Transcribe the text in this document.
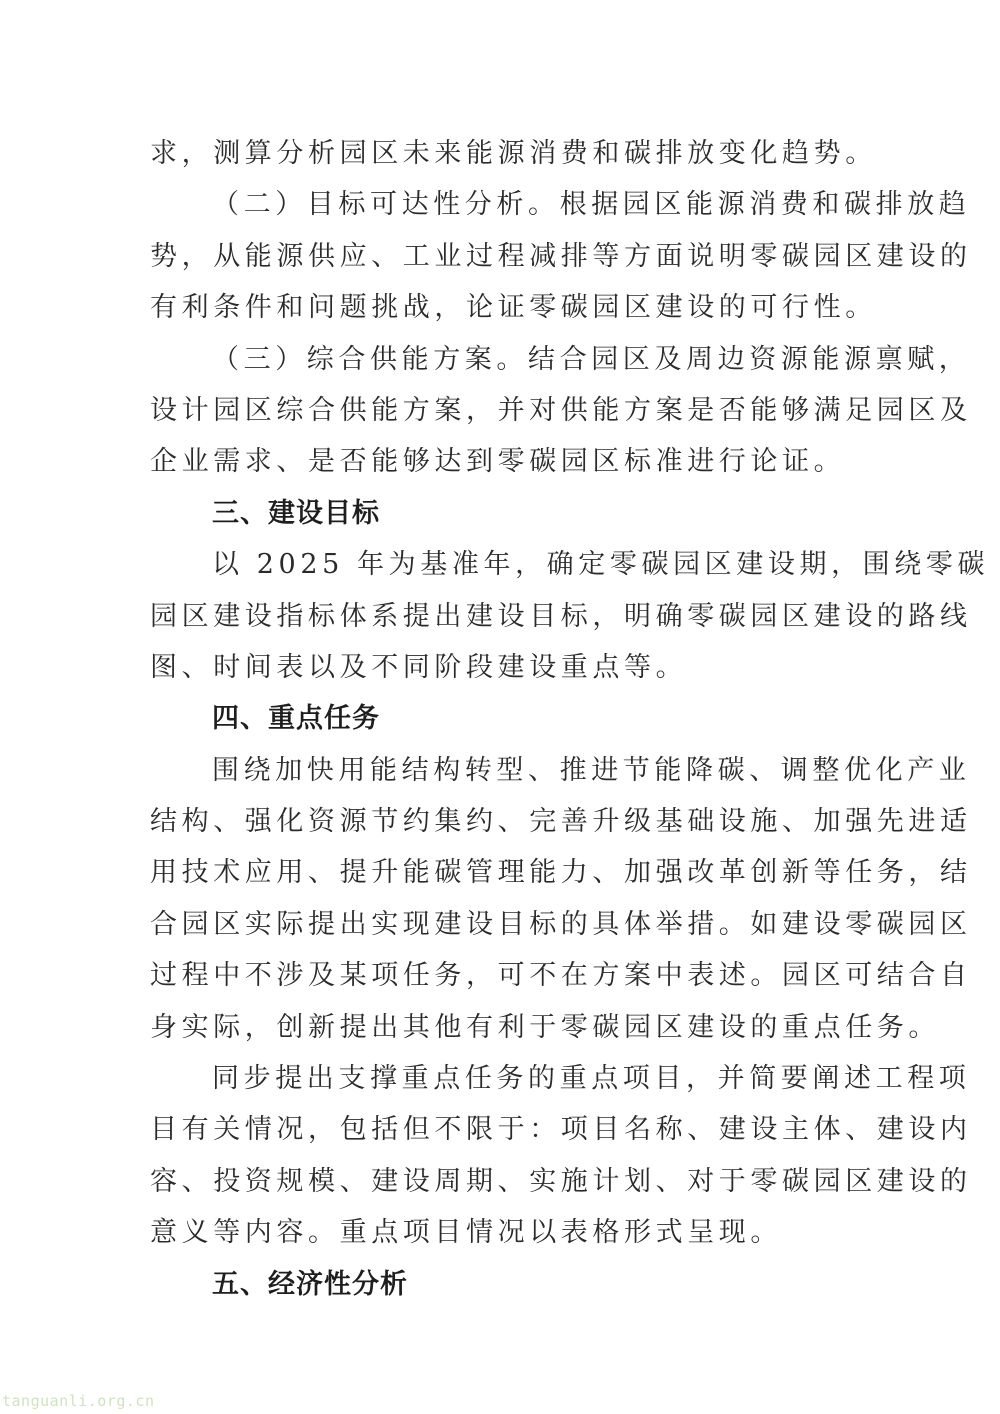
求，测算分析园区未来能源消费和碳排放变化趋势。
（二）目标可达性分析。根据园区能源消费和碳排放趋
势，从能源供应、工业过程减排等方面说明零碳园区建设的
有利条件和问题挑战，论证零碳园区建设的可行性。
（三）综合供能方案。结合园区及周边资源能源禀赋，
设计园区综合供能方案，并对供能方案是否能够满足园区及
企业需求、是否能够达到零碳园区标准进行论证。
三、建设目标
以 2025 年为基准年，确定零碳园区建设期，围绕零碳
园区建设指标体系提出建设目标，明确零碳园区建设的路线
图、时间表以及不同阶段建设重点等。
四、重点任务
围绕加快用能结构转型、推进节能降碳、调整优化产业
结构、强化资源节约集约、完善升级基础设施、加强先进适
用技术应用、提升能碳管理能力、加强改革创新等任务，结
合园区实际提出实现建设目标的具体举措。如建设零碳园区
过程中不涉及某项任务，可不在方案中表述。园区可结合自
身实际，创新提出其他有利于零碳园区建设的重点任务。
同步提出支撑重点任务的重点项目，并简要阐述工程项
目有关情况，包括但不限于：项目名称、建设主体、建设内
容、投资规模、建设周期、实施计划、对于零碳园区建设的
意义等内容。重点项目情况以表格形式呈现。
五、经济性分析
tanguanli.org.cn
